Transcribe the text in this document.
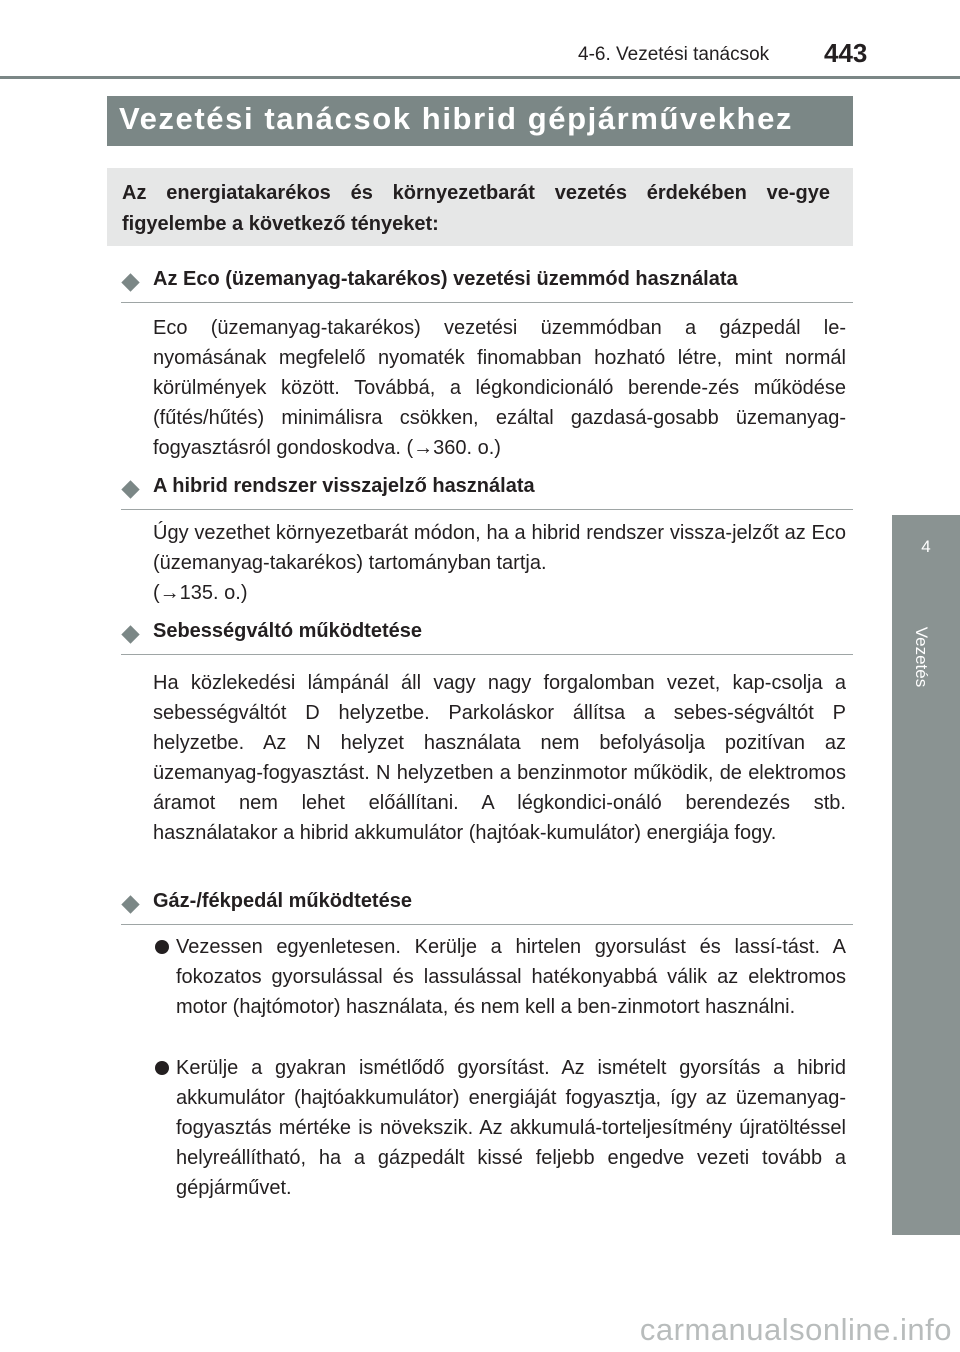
4-6. Vezetési tanácsok 443
4
Vezetés
Vezetési tanácsok hibrid gépjárművekhez
Az energiatakarékos és környezetbarát vezetés érdekében ve-gye figyelembe a következő tényeket:
Az Eco (üzemanyag-takarékos) vezetési üzemmód használata
Eco (üzemanyag-takarékos) vezetési üzemmódban a gázpedál le-nyomásának megfelelő nyomaték finomabban hozható létre, mint normál körülmények között. Továbbá, a légkondicionáló berende-zés működése (fűtés/hűtés) minimálisra csökken, ezáltal gazdasá-gosabb üzemanyag-fogyasztásról gondoskodva. (→360. o.)
A hibrid rendszer visszajelző használata
Úgy vezethet környezetbarát módon, ha a hibrid rendszer vissza-jelzőt az Eco (üzemanyag-takarékos) tartományban tartja.
(→135. o.)
Sebességváltó működtetése
Ha közlekedési lámpánál áll vagy nagy forgalomban vezet, kap-csolja a sebességváltót D helyzetbe. Parkoláskor állítsa a sebes-ségváltót P helyzetbe. Az N helyzet használata nem befolyásolja pozitívan az üzemanyag-fogyasztást. N helyzetben a benzinmotor működik, de elektromos áramot nem lehet előállítani. A légkondici-onáló berendezés stb. használatakor a hibrid akkumulátor (hajtóak-kumulátor) energiája fogy.
Gáz-/fékpedál működtetése
Vezessen egyenletesen. Kerülje a hirtelen gyorsulást és lassí-tást. A fokozatos gyorsulással és lassulással hatékonyabbá válik az elektromos motor (hajtómotor) használata, és nem kell a ben-zinmotort használni.
Kerülje a gyakran ismétlődő gyorsítást. Az ismételt gyorsítás a hibrid akkumulátor (hajtóakkumulátor) energiáját fogyasztja, így az üzemanyag-fogyasztás mértéke is növekszik. Az akkumulá-torteljesítmény újratöltéssel helyreállítható, ha a gázpedált kissé feljebb engedve vezeti tovább a gépjárművet.
carmanualsonline.info
